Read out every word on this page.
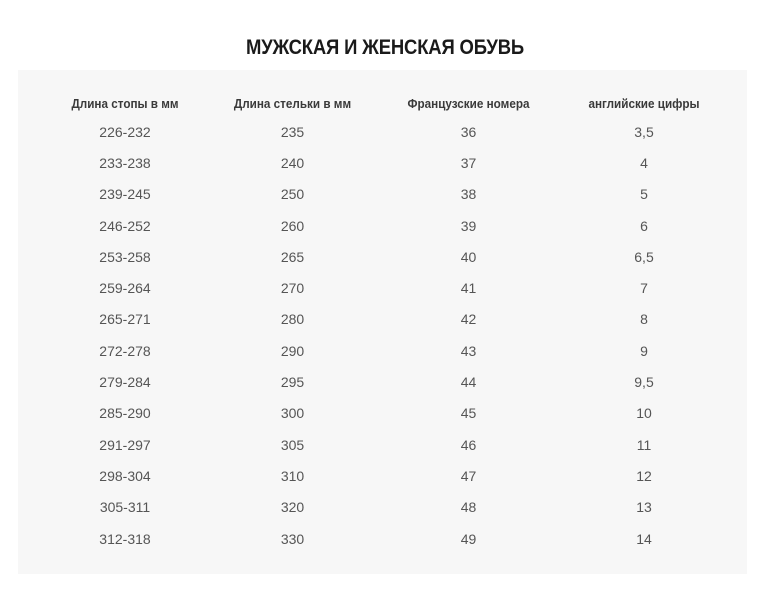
МУЖСКАЯ И ЖЕНСКАЯ ОБУВЬ
Длина стопы в мм	Длина стельки в мм	Французские номера	английские цифры
226-232	235	36	3,5
233-238	240	37	4
239-245	250	38	5
246-252	260	39	6
253-258	265	40	6,5
259-264	270	41	7
265-271	280	42	8
272-278	290	43	9
279-284	295	44	9,5
285-290	300	45	10
291-297	305	46	11
298-304	310	47	12
305-311	320	48	13
312-318	330	49	14
